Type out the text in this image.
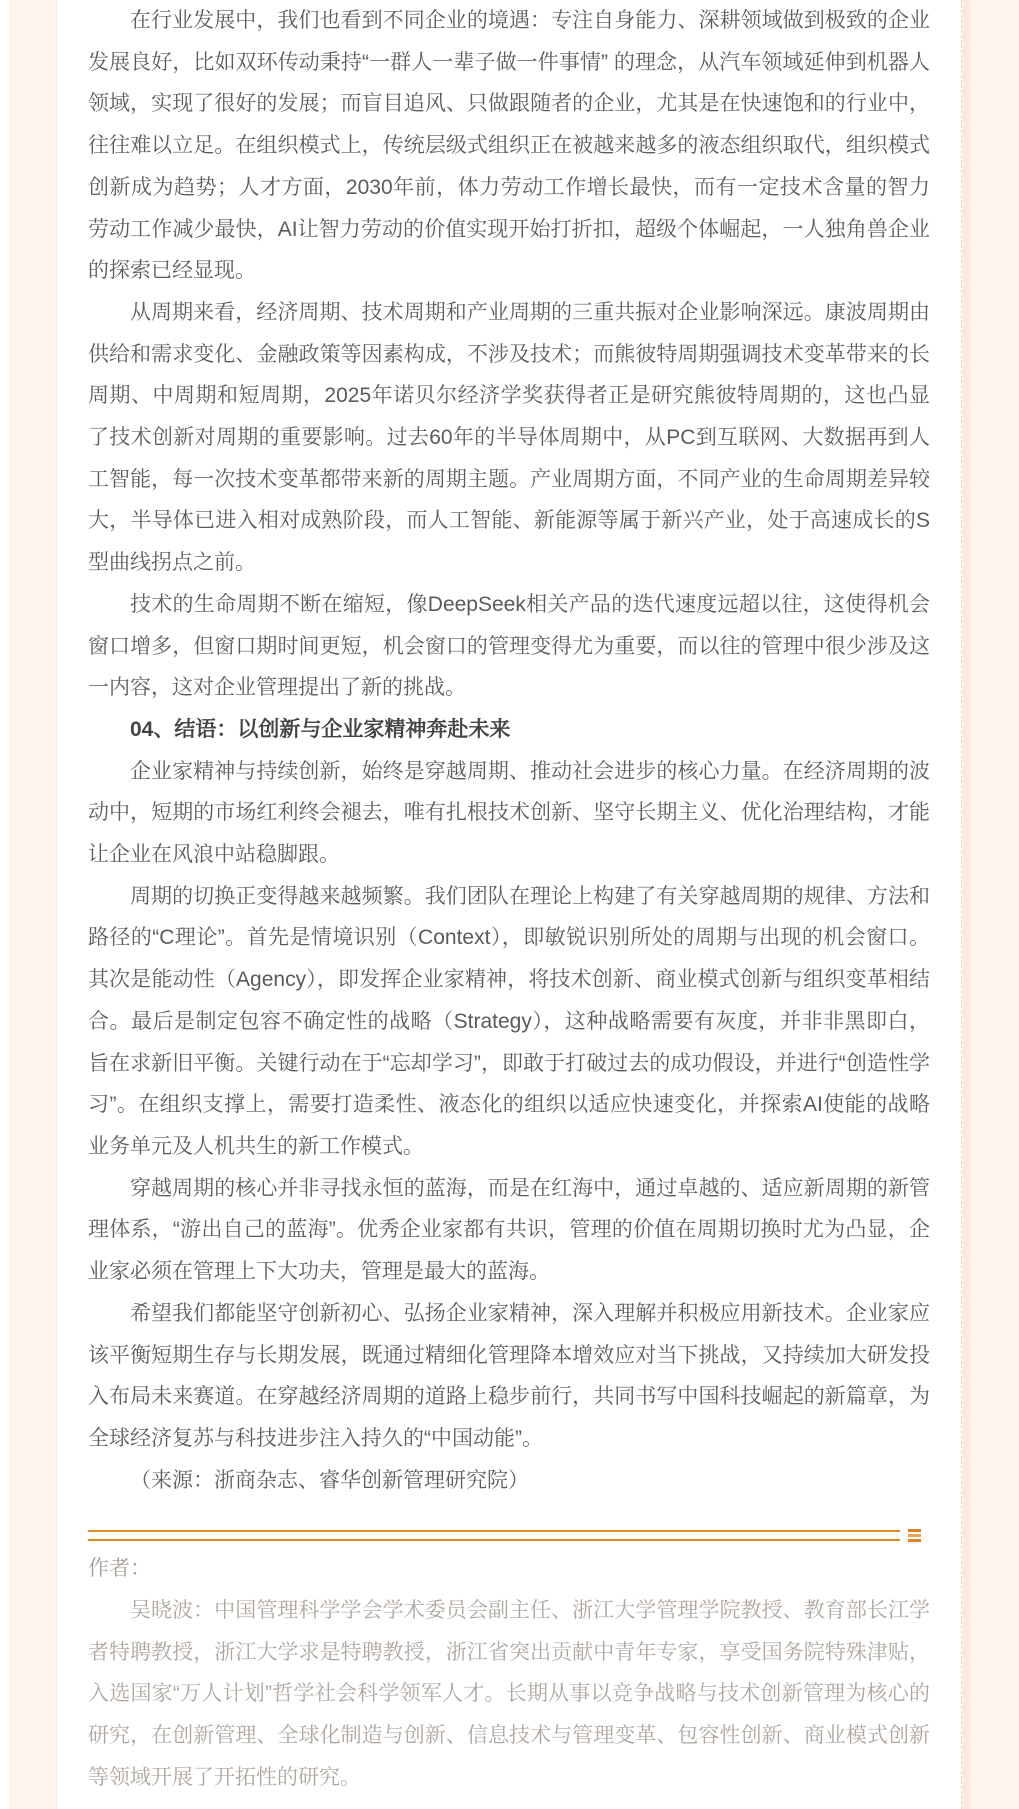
在行业发展中，我们也看到不同企业的境遇：专注自身能力、深耕领域做到极致的企业发展良好，比如双环传动秉持“一群人一辈子做一件事情” 的理念，从汽车领域延伸到机器人领域，实现了很好的发展；而盲目追风、只做跟随者的企业，尤其是在快速饱和的行业中，往往难以立足。在组织模式上，传统层级式组织正在被越来越多的液态组织取代，组织模式创新成为趋势；人才方面，2030年前，体力劳动工作增长最快，而有一定技术含量的智力劳动工作减少最快，AI让智力劳动的价值实现开始打折扣，超级个体崛起，一人独角兽企业的探索已经显现。

从周期来看，经济周期、技术周期和产业周期的三重共振对企业影响深远。康波周期由供给和需求变化、金融政策等因素构成，不涉及技术；而熊彼特周期强调技术变革带来的长周期、中周期和短周期，2025年诺贝尔经济学奖获得者正是研究熊彼特周期的，这也凸显了技术创新对周期的重要影响。过去60年的半导体周期中，从PC到互联网、大数据再到人工智能，每一次技术变革都带来新的周期主题。产业周期方面，不同产业的生命周期差异较大，半导体已进入相对成熟阶段，而人工智能、新能源等属于新兴产业，处于高速成长的S型曲线拐点之前。

技术的生命周期不断在缩短，像DeepSeek相关产品的迭代速度远超以往，这使得机会窗口增多，但窗口期时间更短，机会窗口的管理变得尤为重要，而以往的管理中很少涉及这一内容，这对企业管理提出了新的挑战。

04、结语：以创新与企业家精神奔赴未来

企业家精神与持续创新，始终是穿越周期、推动社会进步的核心力量。在经济周期的波动中，短期的市场红利终会褪去，唯有扎根技术创新、坚守长期主义、优化治理结构，才能让企业在风浪中站稳脚跟。

周期的切换正变得越来越频繁。我们团队在理论上构建了有关穿越周期的规律、方法和路径的“C理论”。首先是情境识别（Context），即敏锐识别所处的周期与出现的机会窗口。其次是能动性（Agency），即发挥企业家精神，将技术创新、商业模式创新与组织变革相结合。最后是制定包容不确定性的战略（Strategy），这种战略需要有灰度，并非非黑即白，旨在求新旧平衡。关键行动在于“忘却学习”，即敢于打破过去的成功假设，并进行“创造性学习”。在组织支撑上，需要打造柔性、液态化的组织以适应快速变化，并探索AI使能的战略业务单元及人机共生的新工作模式。

穿越周期的核心并非寻找永恒的蓝海，而是在红海中，通过卓越的、适应新周期的新管理体系，“游出自己的蓝海”。优秀企业家都有共识，管理的价值在周期切换时尤为凸显，企业家必须在管理上下大功夫，管理是最大的蓝海。

希望我们都能坚守创新初心、弘扬企业家精神，深入理解并积极应用新技术。企业家应该平衡短期生存与长期发展，既通过精细化管理降本增效应对当下挑战，又持续加大研发投入布局未来赛道。在穿越经济周期的道路上稳步前行，共同书写中国科技崛起的新篇章，为全球经济复苏与科技进步注入持久的“中国动能”。

（来源：浙商杂志、睿华创新管理研究院）

作者：

吴晓波：中国管理科学学会学术委员会副主任、浙江大学管理学院教授、教育部长江学者特聘教授，浙江大学求是特聘教授，浙江省突出贡献中青年专家，享受国务院特殊津贴，入选国家“万人计划”哲学社会科学领军人才。长期从事以竞争战略与技术创新管理为核心的研究，在创新管理、全球化制造与创新、信息技术与管理变革、包容性创新、商业模式创新等领域开展了开拓性的研究。
